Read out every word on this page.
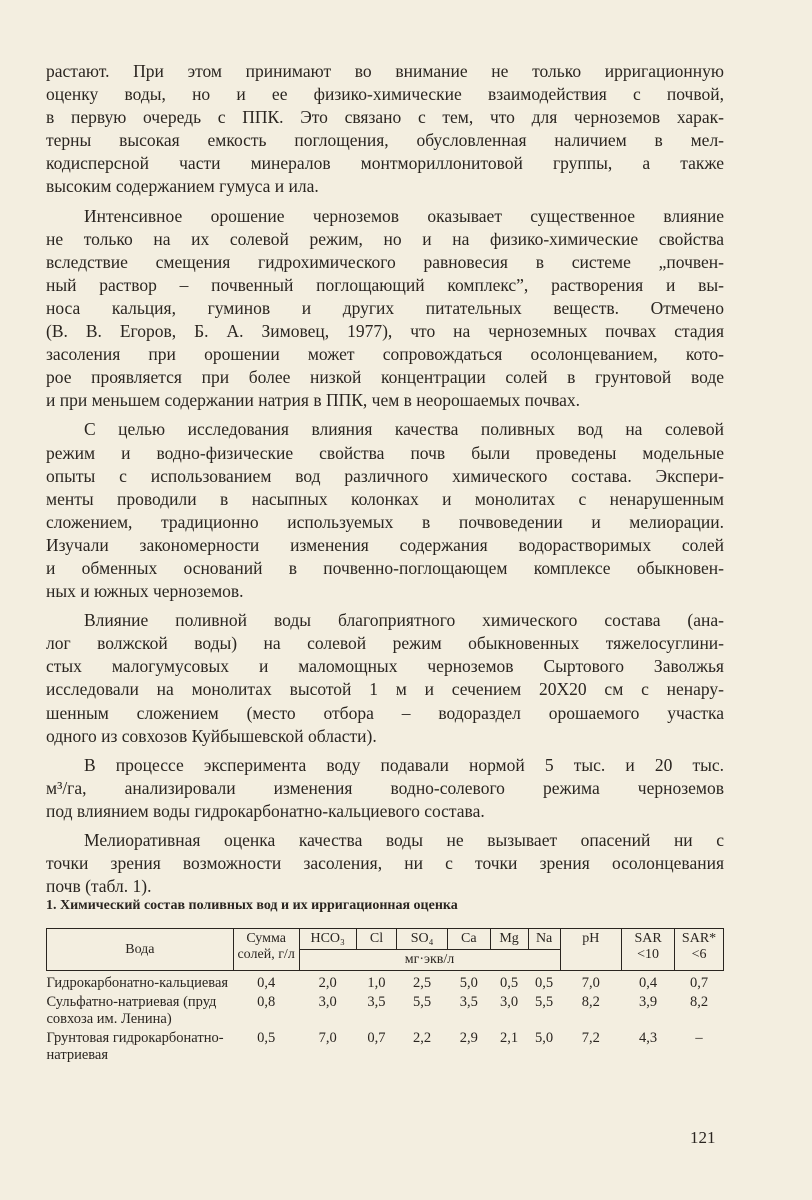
растают. При этом принимают во внимание не только ирригационную
оценку воды, но и ее физико-химические взаимодействия с почвой,
в первую очередь с ППК. Это связано с тем, что для черноземов харак-
терны высокая емкость поглощения, обусловленная наличием в мел-
кодисперсной части минералов монтмориллонитовой группы, а также
высоким содержанием гумуса и ила.
Интенсивное орошение черноземов оказывает существенное влияние
не только на их солевой режим, но и на физико-химические свойства
вследствие смещения гидрохимического равновесия в системе „почвен-
ный раствор – почвенный поглощающий комплекс”, растворения и вы-
носа кальция, гуминов и других питательных веществ. Отмечено
(В. В. Егоров, Б. А. Зимовец, 1977), что на черноземных почвах стадия
засоления при орошении может сопровождаться осолонцеванием, кото-
рое проявляется при более низкой концентрации солей в грунтовой воде
и при меньшем содержании натрия в ППК, чем в неорошаемых почвах.
С целью исследования влияния качества поливных вод на солевой
режим и водно-физические свойства почв были проведены модельные
опыты с использованием вод различного химического состава. Экспери-
менты проводили в насыпных колонках и монолитах с ненарушенным
сложением, традиционно используемых в почвоведении и мелиорации.
Изучали закономерности изменения содержания водорастворимых солей
и обменных оснований в почвенно-поглощающем комплексе обыкновен-
ных и южных черноземов.
Влияние поливной воды благоприятного химического состава (ана-
лог волжской воды) на солевой режим обыкновенных тяжелосуглини-
стых малогумусовых и маломощных черноземов Сыртового Заволжья
исследовали на монолитах высотой 1 м и сечением 20Х20 см с ненару-
шенным сложением (место отбора – водораздел орошаемого участка
одного из совхозов Куйбышевской области).
В процессе эксперимента воду подавали нормой 5 тыс. и 20 тыс.
м³/га, анализировали изменения водно-солевого режима черноземов
под влиянием воды гидрокарбонатно-кальциевого состава.
Мелиоративная оценка качества воды не вызывает опасений ни с
точки зрения возможности засоления, ни с точки зрения осолонцевания
почв (табл. 1).
1. Химический состав поливных вод и их ирригационная оценка
Вода	Сумма солей, г/л	HCO₃	Cl	SO₄	Ca	Mg	Na	pH	SAR <10	SAR* <6
		мг·экв/л								
Гидрокарбонатно-кальциевая	0,4	2,0	1,0	2,5	5,0	0,5	0,5	7,0	0,4	0,7
Сульфатно-натриевая (пруд совхоза им. Ленина)	0,8	3,0	3,5	5,5	3,5	3,0	5,5	8,2	3,9	8,2
Грунтовая гидрокарбонатно-натриевая	0,5	7,0	0,7	2,2	2,9	2,1	5,0	7,2	4,3	–
121
